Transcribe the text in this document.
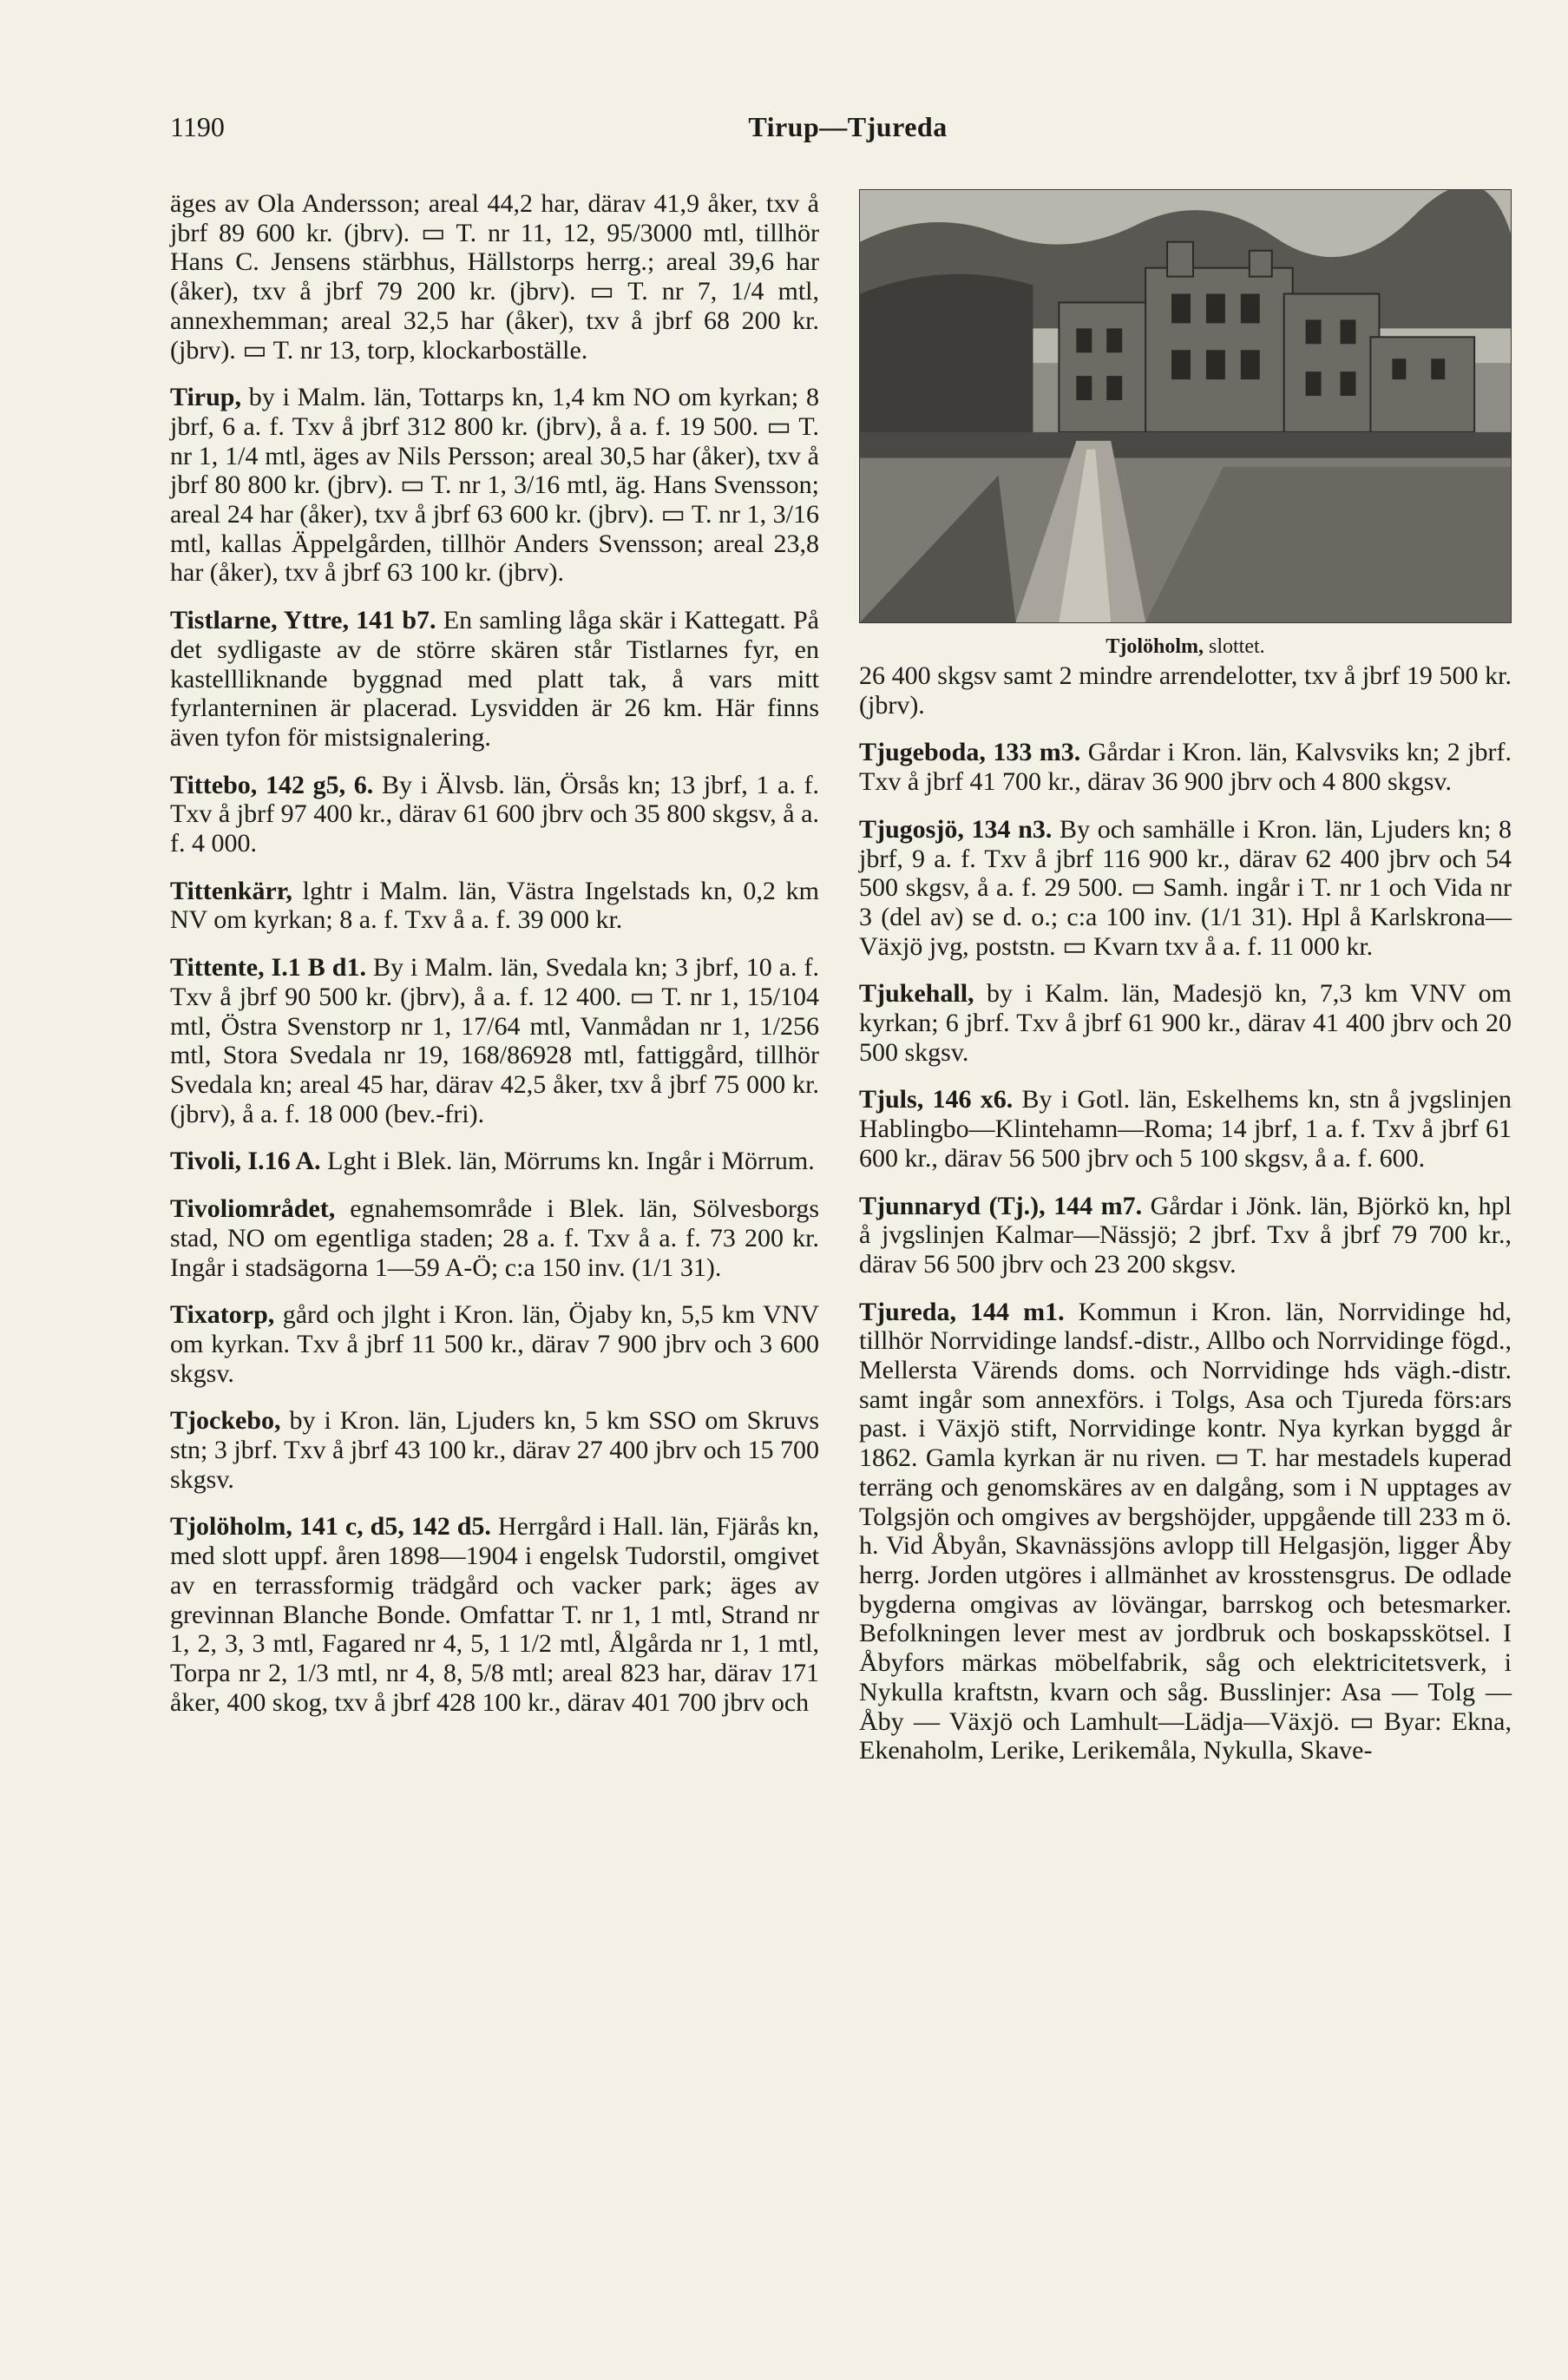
1190	Tirup—Tjureda

äges av Ola Andersson; areal 44,2 har, därav 41,9 åker, txv å jbrf 89 600 kr. (jbrv). ▭ T. nr 11, 12, 95/3000 mtl, tillhör Hans C. Jensens stärbhus, Hällstorps herrg.; areal 39,6 har (åker), txv å jbrf 79 200 kr. (jbrv). ▭ T. nr 7, 1/4 mtl, annexhemman; areal 32,5 har (åker), txv å jbrf 68 200 kr. (jbrv). ▭ T. nr 13, torp, klockarboställe.

Tirup, by i Malm. län, Tottarps kn, 1,4 km NO om kyrkan; 8 jbrf, 6 a. f. Txv å jbrf 312 800 kr. (jbrv), å a. f. 19 500. ▭ T. nr 1, 1/4 mtl, äges av Nils Persson; areal 30,5 har (åker), txv å jbrf 80 800 kr. (jbrv). ▭ T. nr 1, 3/16 mtl, äg. Hans Svensson; areal 24 har (åker), txv å jbrf 63 600 kr. (jbrv). ▭ T. nr 1, 3/16 mtl, kallas Äppelgården, tillhör Anders Svensson; areal 23,8 har (åker), txv å jbrf 63 100 kr. (jbrv).

Tistlarne, Yttre, 141 b7. En samling låga skär i Kattegatt. På det sydligaste av de större skären står Tistlarnes fyr, en kastellliknande byggnad med platt tak, å vars mitt fyrlanterninen är placerad. Lysvidden är 26 km. Här finns även tyfon för mistsignalering.

Tittebo, 142 g5, 6. By i Älvsb. län, Örsås kn; 13 jbrf, 1 a. f. Txv å jbrf 97 400 kr., därav 61 600 jbrv och 35 800 skgsv, å a. f. 4 000.

Tittenkärr, lghtr i Malm. län, Västra Ingelstads kn, 0,2 km NV om kyrkan; 8 a. f. Txv å a. f. 39 000 kr.

Tittente, I.1 B d1. By i Malm. län, Svedala kn; 3 jbrf, 10 a. f. Txv å jbrf 90 500 kr. (jbrv), å a. f. 12 400. ▭ T. nr 1, 15/104 mtl, Östra Svenstorp nr 1, 17/64 mtl, Vanmådan nr 1, 1/256 mtl, Stora Svedala nr 19, 168/86928 mtl, fattiggård, tillhör Svedala kn; areal 45 har, därav 42,5 åker, txv å jbrf 75 000 kr. (jbrv), å a. f. 18 000 (bev.-fri).

Tivoli, I.16 A. Lght i Blek. län, Mörrums kn. Ingår i Mörrum.

Tivoliområdet, egnahemsområde i Blek. län, Sölvesborgs stad, NO om egentliga staden; 28 a. f. Txv å a. f. 73 200 kr. Ingår i stadsägorna 1—59 A-Ö; c:a 150 inv. (1/1 31).

Tixatorp, gård och jlght i Kron. län, Öjaby kn, 5,5 km VNV om kyrkan. Txv å jbrf 11 500 kr., därav 7 900 jbrv och 3 600 skgsv.

Tjockebo, by i Kron. län, Ljuders kn, 5 km SSO om Skruvs stn; 3 jbrf. Txv å jbrf 43 100 kr., därav 27 400 jbrv och 15 700 skgsv.

Tjolöholm, 141 c, d5, 142 d5. Herrgård i Hall. län, Fjärås kn, med slott uppf. åren 1898—1904 i engelsk Tudorstil, omgivet av en terrassformig trädgård och vacker park; äges av grevinnan Blanche Bonde. Omfattar T. nr 1, 1 mtl, Strand nr 1, 2, 3, 3 mtl, Fagared nr 4, 5, 1 1/2 mtl, Ålgårda nr 1, 1 mtl, Torpa nr 2, 1/3 mtl, nr 4, 8, 5/8 mtl; areal 823 har, därav 171 åker, 400 skog, txv å jbrf 428 100 kr., därav 401 700 jbrv och

Tjolöholm, slottet.

26 400 skgsv samt 2 mindre arrendelotter, txv å jbrf 19 500 kr. (jbrv).

Tjugeboda, 133 m3. Gårdar i Kron. län, Kalvsviks kn; 2 jbrf. Txv å jbrf 41 700 kr., därav 36 900 jbrv och 4 800 skgsv.

Tjugosjö, 134 n3. By och samhälle i Kron. län, Ljuders kn; 8 jbrf, 9 a. f. Txv å jbrf 116 900 kr., därav 62 400 jbrv och 54 500 skgsv, å a. f. 29 500. ▭ Samh. ingår i T. nr 1 och Vida nr 3 (del av) se d. o.; c:a 100 inv. (1/1 31). Hpl å Karlskrona—Växjö jvg, poststn. ▭ Kvarn txv å a. f. 11 000 kr.

Tjukehall, by i Kalm. län, Madesjö kn, 7,3 km VNV om kyrkan; 6 jbrf. Txv å jbrf 61 900 kr., därav 41 400 jbrv och 20 500 skgsv.

Tjuls, 146 x6. By i Gotl. län, Eskelhems kn, stn å jvgslinjen Hablingbo—Klintehamn—Roma; 14 jbrf, 1 a. f. Txv å jbrf 61 600 kr., därav 56 500 jbrv och 5 100 skgsv, å a. f. 600.

Tjunnaryd (Tj.), 144 m7. Gårdar i Jönk. län, Björkö kn, hpl å jvgslinjen Kalmar—Nässjö; 2 jbrf. Txv å jbrf 79 700 kr., därav 56 500 jbrv och 23 200 skgsv.

Tjureda, 144 m1. Kommun i Kron. län, Norrvidinge hd, tillhör Norrvidinge landsf.-distr., Allbo och Norrvidinge fögd., Mellersta Värends doms. och Norrvidinge hds vägh.-distr. samt ingår som annexförs. i Tolgs, Asa och Tjureda förs:ars past. i Växjö stift, Norrvidinge kontr. Nya kyrkan byggd år 1862. Gamla kyrkan är nu riven. ▭ T. har mestadels kuperad terräng och genomskäres av en dalgång, som i N upptages av Tolgsjön och omgives av bergshöjder, uppgående till 233 m ö. h. Vid Åbyån, Skavnässjöns avlopp till Helgasjön, ligger Åby herrg. Jorden utgöres i allmänhet av krosstensgrus. De odlade bygderna omgivas av lövängar, barrskog och betesmarker. Befolkningen lever mest av jordbruk och boskapsskötsel. I Åbyfors märkas möbelfabrik, såg och elektricitetsverk, i Nykulla kraftstn, kvarn och såg. Busslinjer: Asa — Tolg — Åby — Växjö och Lamhult—Lädja—Växjö. ▭ Byar: Ekna, Ekenaholm, Lerike, Lerikemåla, Nykulla, Skave-
